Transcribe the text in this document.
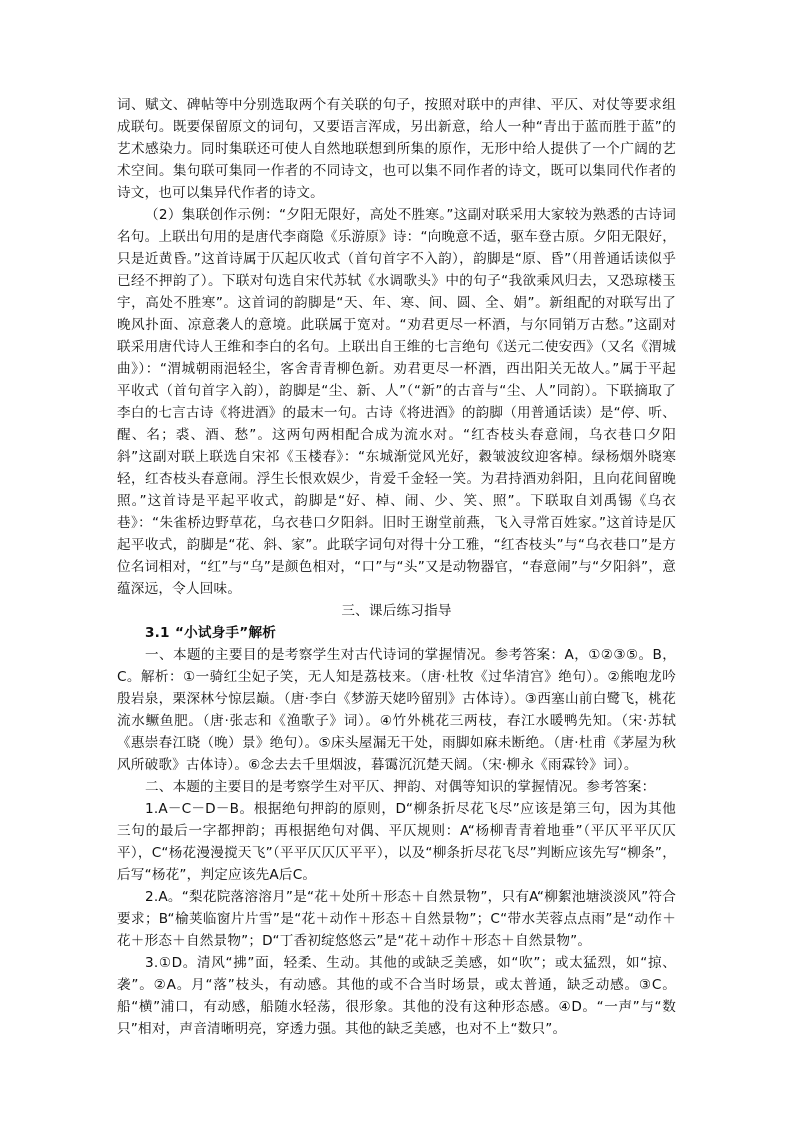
词、赋文、碑帖等中分别选取两个有关联的句子，按照对联中的声律、平仄、对仗等要求组成联句。既要保留原文的词句，又要语言浑成，另出新意，给人一种“青出于蓝而胜于蓝”的艺术感染力。同时集联还可使人自然地联想到所集的原作，无形中给人提供了一个广阔的艺术空间。集句联可集同一作者的不同诗文，也可以集不同作者的诗文，既可以集同代作者的诗文，也可以集异代作者的诗文。

（2）集联创作示例：“夕阳无限好，高处不胜寒。”这副对联采用大家较为熟悉的古诗词名句。上联出句用的是唐代李商隐《乐游原》诗：“向晚意不适，驱车登古原。夕阳无限好，只是近黄昏。”这首诗属于仄起仄收式（首句首字不入韵），韵脚是“原、昏”（用普通话读似乎已经不押韵了）。下联对句选自宋代苏轼《水调歌头》中的句子“我欲乘风归去，又恐琼楼玉宇，高处不胜寒”。这首词的韵脚是“天、年、寒、间、圆、全、娟”。新组配的对联写出了晚风扑面、凉意袭人的意境。此联属于宽对。“劝君更尽一杯酒，与尔同销万古愁。”这副对联采用唐代诗人王维和李白的名句。上联出自王维的七言绝句《送元二使安西》（又名《渭城曲》）：“渭城朝雨浥轻尘，客舍青青柳色新。劝君更尽一杯酒，西出阳关无故人。”属于平起平收式（首句首字入韵），韵脚是“尘、新、人”（“新”的古音与“尘、人”同韵）。下联摘取了李白的七言古诗《将进酒》的最末一句。古诗《将进酒》的韵脚（用普通话读）是“停、听、醒、名；裘、酒、愁”。这两句两相配合成为流水对。“红杏枝头春意闹，乌衣巷口夕阳斜”这副对联上联选自宋祁《玉楼春》：“东城渐觉风光好，縠皱波纹迎客棹。绿杨烟外晓寒轻，红杏枝头春意闹。浮生长恨欢娱少，肯爱千金轻一笑。为君持酒劝斜阳，且向花间留晚照。”这首诗是平起平收式，韵脚是“好、棹、闹、少、笑、照”。下联取自刘禹锡《乌衣巷》：“朱雀桥边野草花，乌衣巷口夕阳斜。旧时王谢堂前燕，飞入寻常百姓家。”这首诗是仄起平收式，韵脚是“花、斜、家”。此联字词句对得十分工雅，“红杏枝头”与“乌衣巷口”是方位名词相对，“红”与“乌”是颜色相对，“口”与“头”又是动物器官，“春意闹”与“夕阳斜”，意蕴深远，令人回味。

三、课后练习指导

3.1 “小试身手”解析

一、本题的主要目的是考察学生对古代诗词的掌握情况。参考答案：A，①②③⑤。B，C。解析：①一骑红尘妃子笑，无人知是荔枝来。（唐·杜牧《过华清宫》绝句）。②熊咆龙吟殷岩泉，栗深林兮惊层巅。（唐·李白《梦游天姥吟留别》古体诗）。③西塞山前白鹭飞，桃花流水鳜鱼肥。（唐·张志和《渔歌子》词）。④竹外桃花三两枝，春江水暖鸭先知。（宋·苏轼《惠崇春江晓（晚）景》绝句）。⑤床头屋漏无干处，雨脚如麻未断绝。（唐·杜甫《茅屋为秋风所破歌》古体诗）。⑥念去去千里烟波，暮霭沉沉楚天阔。（宋·柳永《雨霖铃》词）。

二、本题的主要目的是考察学生对平仄、押韵、对偶等知识的掌握情况。参考答案：

1.A－C－D－B。根据绝句押韵的原则，D“柳条折尽花飞尽”应该是第三句，因为其他三句的最后一字都押韵；再根据绝句对偶、平仄规则：A“杨柳青青着地垂”（平仄平平仄仄平），C“杨花漫漫搅天飞”（平平仄仄仄平平），以及“柳条折尽花飞尽”判断应该先写“柳条”，后写“杨花”，判定应该先A后C。

2.A。“梨花院落溶溶月”是“花＋处所＋形态＋自然景物”，只有A“柳絮池塘淡淡风”符合要求；B“榆荚临窗片片雪”是“花＋动作＋形态＋自然景物”；C“带水芙蓉点点雨”是“动作＋花＋形态＋自然景物”；D“丁香初绽悠悠云”是“花＋动作＋形态＋自然景物”。

3.①D。清风“拂”面，轻柔、生动。其他的或缺乏美感，如“吹”；或太猛烈，如“掠、袭”。②A。月“落”枝头，有动感。其他的或不合当时场景，或太普通，缺乏动感。③C。船“横”浦口，有动感，船随水轻荡，很形象。其他的没有这种形态感。④D。“一声”与“数只”相对，声音清晰明亮，穿透力强。其他的缺乏美感，也对不上“数只”。
